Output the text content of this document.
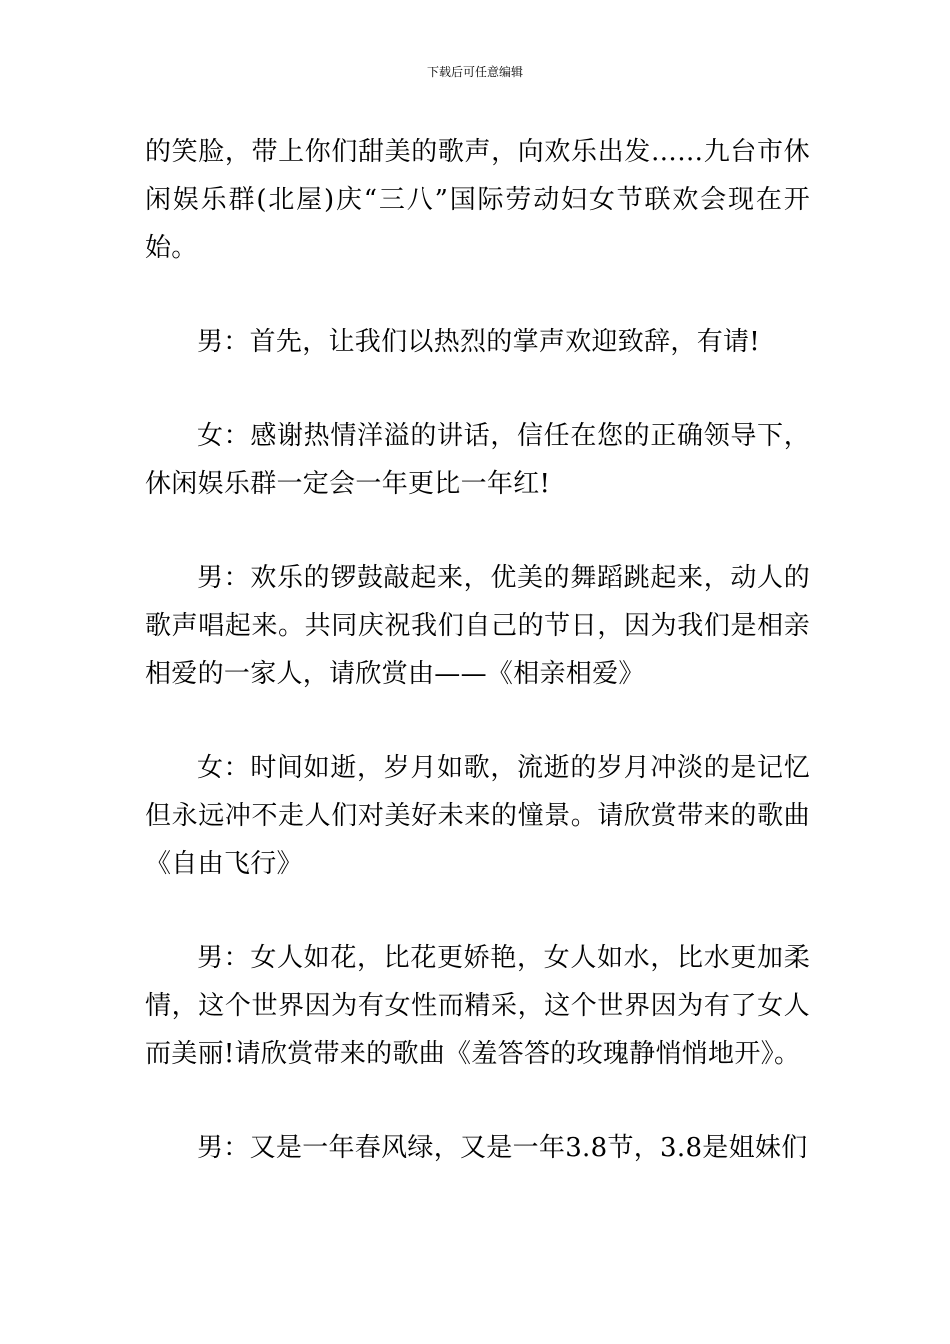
下载后可任意编辑

的笑脸，带上你们甜美的歌声，向欢乐出发……九台市休闲娱乐群(北屋)庆“三八”国际劳动妇女节联欢会现在开始。

男：首先，让我们以热烈的掌声欢迎致辞，有请!

女：感谢热情洋溢的讲话，信任在您的正确领导下，休闲娱乐群一定会一年更比一年红!

男：欢乐的锣鼓敲起来，优美的舞蹈跳起来，动人的歌声唱起来。共同庆祝我们自己的节日，因为我们是相亲相爱的一家人，请欣赏由——《相亲相爱》

女：时间如逝，岁月如歌，流逝的岁月冲淡的是记忆但永远冲不走人们对美好未来的憧景。请欣赏带来的歌曲《自由飞行》

男：女人如花，比花更娇艳，女人如水，比水更加柔情，这个世界因为有女性而精采，这个世界因为有了女人而美丽!请欣赏带来的歌曲《羞答答的玫瑰静悄悄地开》。

男：又是一年春风绿，又是一年3.8节，3.8是姐妹们
